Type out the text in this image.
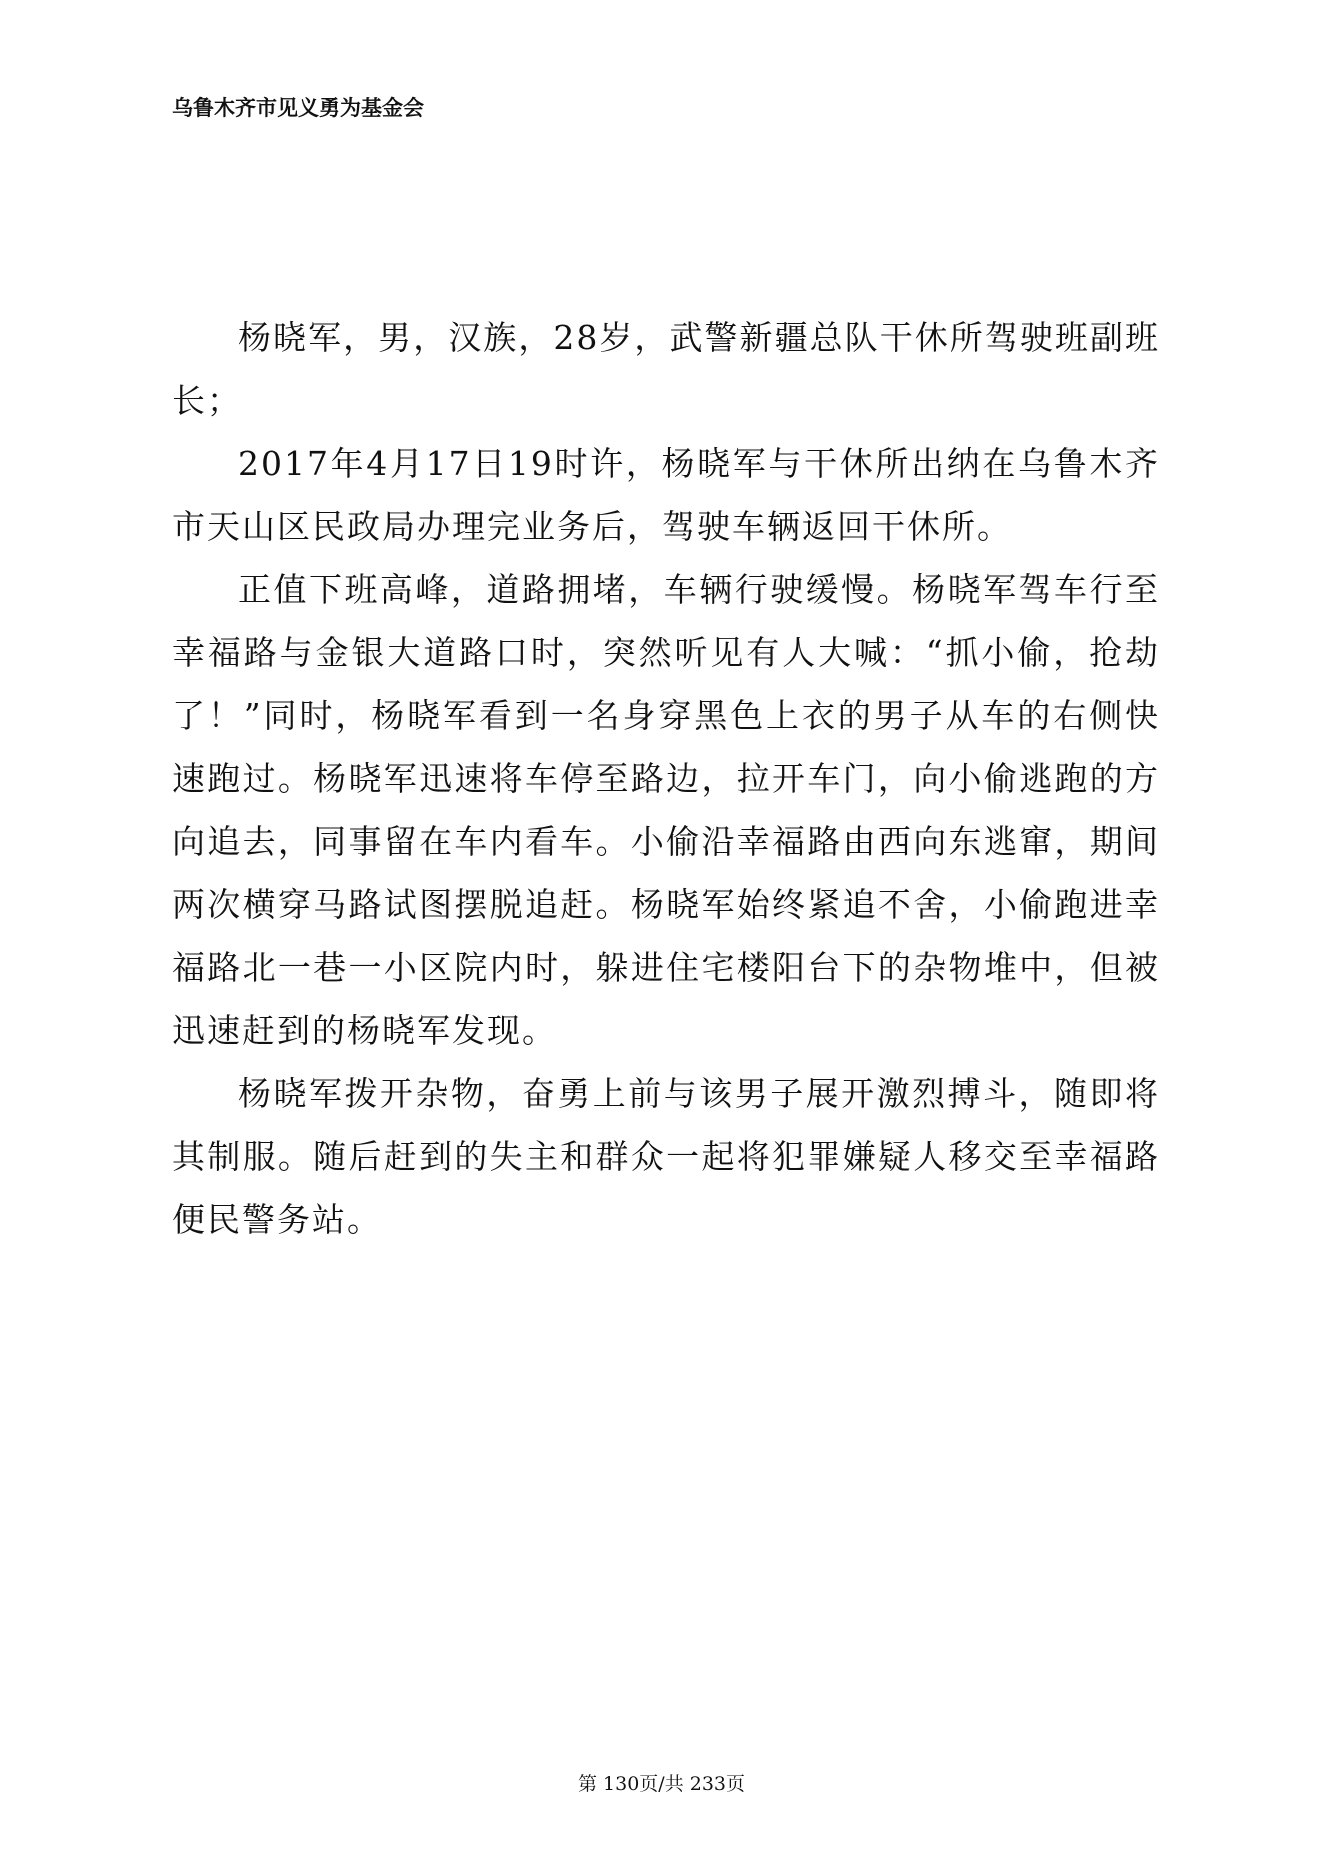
乌鲁木齐市见义勇为基金会

杨晓军，男，汉族，28岁，武警新疆总队干休所驾驶班副班长；

2017年4月17日19时许，杨晓军与干休所出纳在乌鲁木齐市天山区民政局办理完业务后，驾驶车辆返回干休所。

正值下班高峰，道路拥堵，车辆行驶缓慢。杨晓军驾车行至幸福路与金银大道路口时，突然听见有人大喊：“抓小偷，抢劫了！”同时，杨晓军看到一名身穿黑色上衣的男子从车的右侧快速跑过。杨晓军迅速将车停至路边，拉开车门，向小偷逃跑的方向追去，同事留在车内看车。小偷沿幸福路由西向东逃窜，期间两次横穿马路试图摆脱追赶。杨晓军始终紧追不舍，小偷跑进幸福路北一巷一小区院内时，躲进住宅楼阳台下的杂物堆中，但被迅速赶到的杨晓军发现。

杨晓军拨开杂物，奋勇上前与该男子展开激烈搏斗，随即将其制服。随后赶到的失主和群众一起将犯罪嫌疑人移交至幸福路便民警务站。

第 130页/共 233页
